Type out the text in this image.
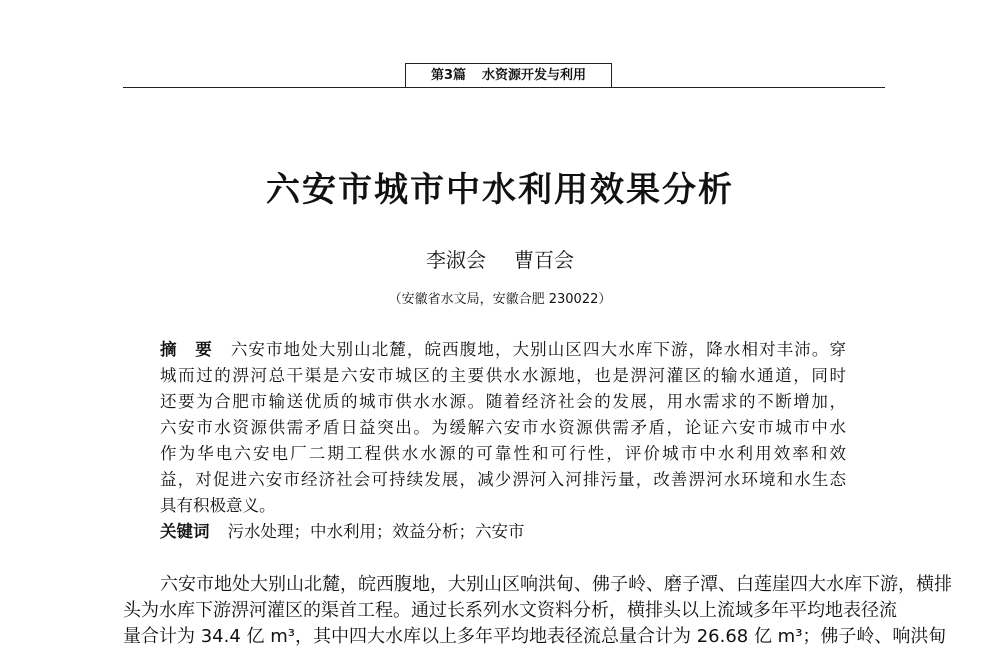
第3篇 水资源开发与利用
六安市城市中水利用效果分析
李淑会 曹百会
（安徽省水文局，安徽合肥 230022）
摘　要 六安市地处大别山北麓，皖西腹地，大别山区四大水库下游，降水相对丰沛。穿
城而过的淠河总干渠是六安市城区的主要供水水源地，也是淠河灌区的输水通道，同时
还要为合肥市输送优质的城市供水水源。随着经济社会的发展，用水需求的不断增加，
六安市水资源供需矛盾日益突出。为缓解六安市水资源供需矛盾，论证六安市城市中水
作为华电六安电厂二期工程供水水源的可靠性和可行性，评价城市中水利用效率和效
益，对促进六安市经济社会可持续发展，减少淠河入河排污量，改善淠河水环境和水生态
具有积极意义。
关键词 污水处理；中水利用；效益分析；六安市
六安市地处大别山北麓，皖西腹地，大别山区响洪甸、佛子岭、磨子潭、白莲崖四大水库下游，横排
头为水库下游淠河灌区的渠首工程。通过长系列水文资料分析，横排头以上流域多年平均地表径流
量合计为 34.4 亿 m³，其中四大水库以上多年平均地表径流总量合计为 26.68 亿 m³；佛子岭、响洪甸
